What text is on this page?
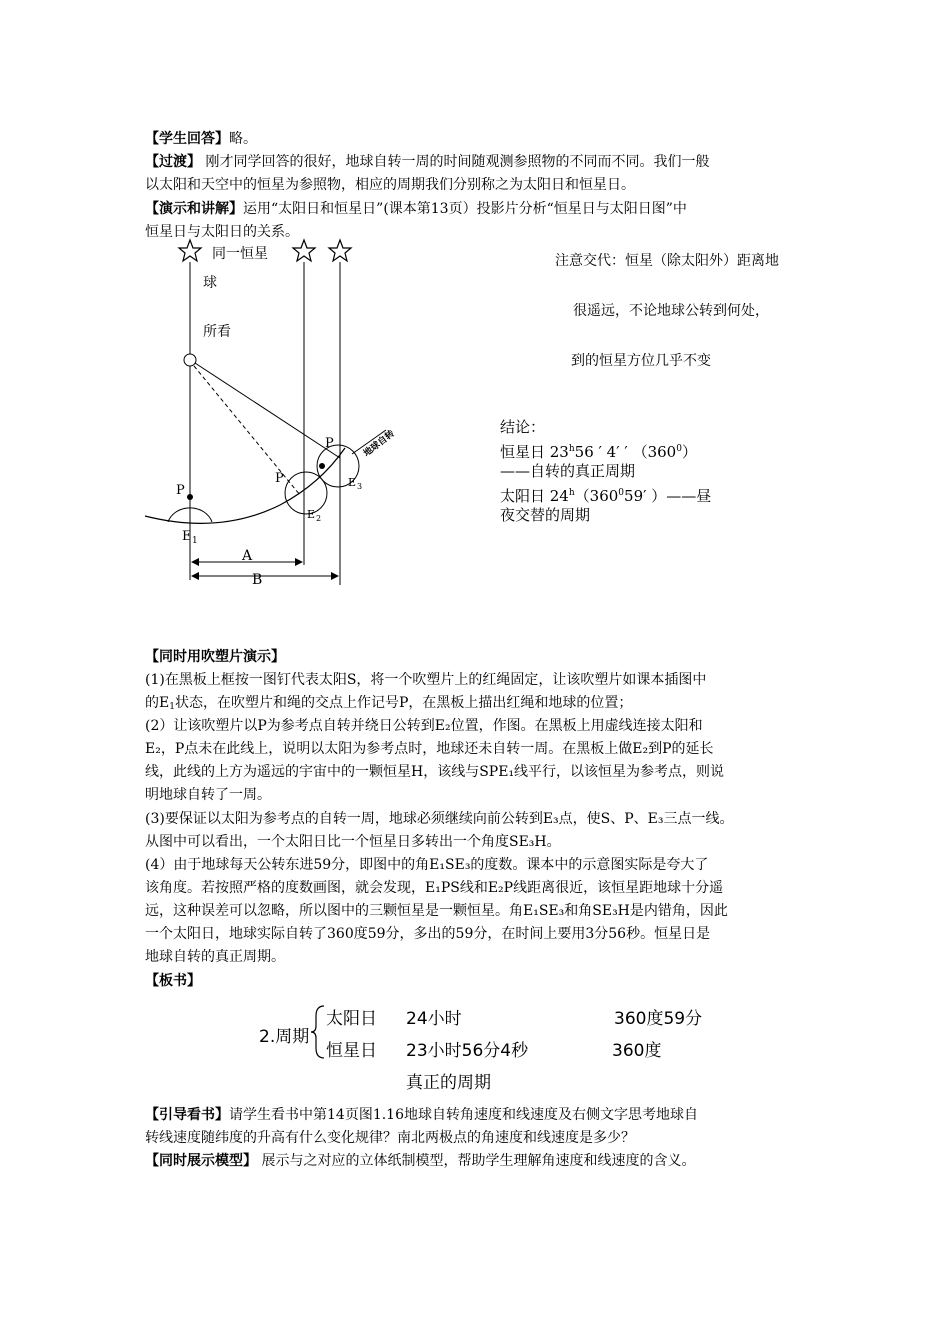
【学生回答】略。
【过渡】 刚才同学回答的很好，地球自转一周的时间随观测参照物的不同而不同。我们一般
以太阳和天空中的恒星为参照物，相应的周期我们分别称之为太阳日和恒星日。
【演示和讲解】运用“太阳日和恒星日”(课本第13页）投影片分析“恒星日与太阳日图”中
恒星日与太阳日的关系。
同一恒星
球
所看
P
E 1
P
E 2
P
E 3
地球自转
A
B
注意交代：恒星（除太阳外）距离地
很遥远，不论地球公转到何处，
到的恒星方位几乎不变
结论：
恒星日 23$^h$56 ′ 4′ ′ $(360^0)$
——自转的真正周期
太阳日 $24^h(360^059'$ ）——昼
夜交替的周期
【同时用吹塑片演示】
(1)在黑板上框按一图钉代表太阳S，将一个吹塑片上的红绳固定，让该吹塑片如课本插图中
的$E_1$状态，在吹塑片和绳的交点上作记号P，在黑板上描出红绳和地球的位置；
(2）让该吹塑片以P为参考点自转并绕日公转到E₂位置，作图。在黑板上用虚线连接太阳和
E₂，P点未在此线上，说明以太阳为参考点时，地球还未自转一周。在黑板上做E₂到P的延长
线，此线的上方为遥远的宇宙中的一颗恒星H，该线与SPE₁线平行，以该恒星为参考点，则说
明地球自转了一周。
(3)要保证以太阳为参考点的自转一周，地球必须继续向前公转到E₃点，使S、P、E₃三点一线。
从图中可以看出，一个太阳日比一个恒星日多转出一个角度SE₃H。
(4）由于地球每天公转东进59分，即图中的角E₁SE₃的度数。课本中的示意图实际是夸大了
该角度。若按照严格的度数画图，就会发现，E₁PS线和E₂P线距离很近，该恒星距地球十分遥
远，这种误差可以忽略，所以图中的三颗恒星是一颗恒星。角E₁SE₃和角SE₃H是内错角，因此
一个太阳日，地球实际自转了360度59分，多出的59分，在时间上要用3分56秒。恒星日是
地球自转的真正周期。
【板书】
2.周期
太阳日 24小时	360度59分
恒星日 23小时56分4秒	360度
真正的周期
【引导看书】请学生看书中第14页图1.16地球自转角速度和线速度及右侧文字思考地球自
转线速度随纬度的升高有什么变化规律？南北两极点的角速度和线速度是多少？
【同时展示模型】 展示与之对应的立体纸制模型，帮助学生理解角速度和线速度的含义。
